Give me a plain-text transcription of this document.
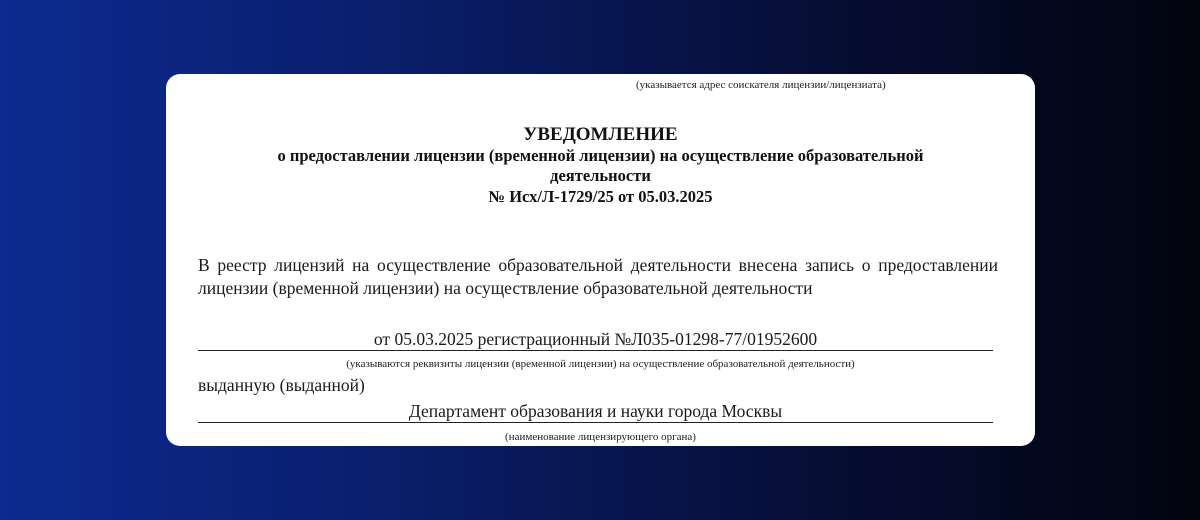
(указывается адрес соискателя лицензии/лицензиата)
УВЕДОМЛЕНИЕ
о предоставлении лицензии (временной лицензии) на осуществление образовательной
деятельности
№ Исх/Л-1729/25 от 05.03.2025
В реестр лицензий на осуществление образовательной деятельности внесена запись о предоставлении лицензии (временной лицензии) на осуществление образовательной деятельности
от 05.03.2025 регистрационный №Л035-01298-77/01952600
(указываются реквизиты лицензии (временной лицензии) на осуществление образовательной деятельности)
выданную (выданной)
Департамент образования и науки города Москвы
(наименование лицензирующего органа)
